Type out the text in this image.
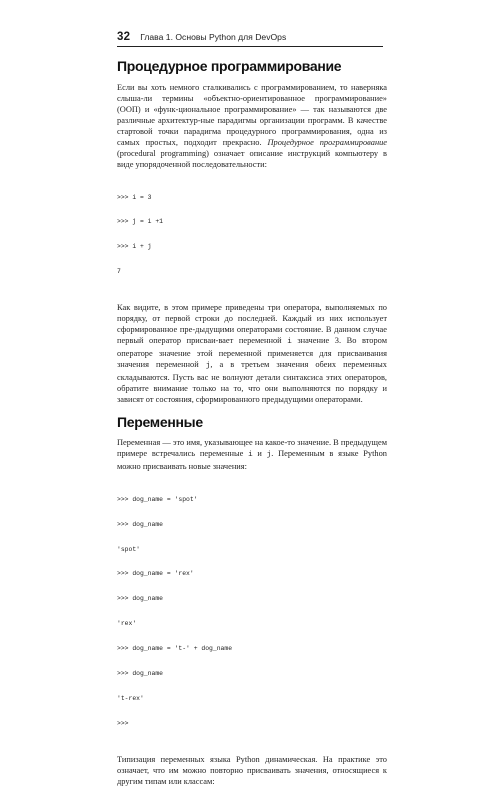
32 Глава 1. Основы Python для DevOps
Процедурное программирование

Если вы хоть немного сталкивались с программированием, то наверняка слыша-ли термины «объектно-ориентированное программирование» (ООП) и «функ-циональное программирование» — так называются две различные архитектур-ные парадигмы организации программ. В качестве стартовой точки парадигма процедурного программирования, одна из самых простых, подходит прекрасно. Процедурное программирование (procedural programming) означает описание инструкций компьютеру в виде упорядоченной последовательности:

>>> i = 3

>>> j = i +1

>>> i + j

7

Как видите, в этом примере приведены три оператора, выполняемых по порядку, от первой строки до последней. Каждый из них использует сформированное пре-дыдущими операторами состояние. В данном случае первый оператор присваи-вает переменной i значение 3. Во втором операторе значение этой переменной применяется для присваивания значения переменной j, а в третьем значения обеих переменных складываются. Пусть вас не волнуют детали синтаксиса этих операторов, обратите внимание только на то, что они выполняются по порядку и зависят от состояния, сформированного предыдущими операторами.

Переменные

Переменная — это имя, указывающее на какое-то значение. В предыдущем примере встречались переменные i и j. Переменным в языке Python можно присваивать новые значения:

>>> dog_name = 'spot'

>>> dog_name

'spot'

>>> dog_name = 'rex'

>>> dog_name

'rex'

>>> dog_name = 't-' + dog_name

>>> dog_name

't-rex'

>>>

Типизация переменных языка Python динамическая. На практике это означает, что им можно повторно присваивать значения, относящиеся к другим типам или классам:
